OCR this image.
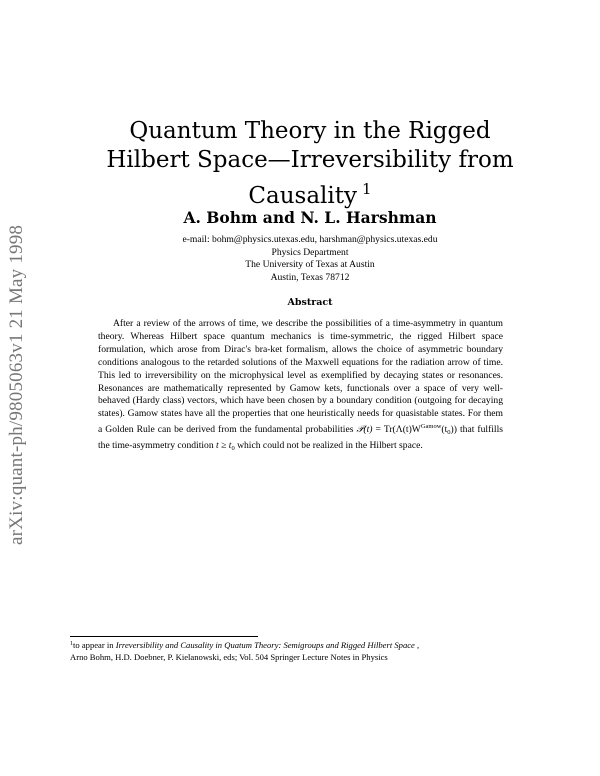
arXiv:quant-ph/9805063v1 21 May 1998
Quantum Theory in the Rigged
Hilbert Space—Irreversibility from
Causality $^1$
A. Bohm and N. L. Harshman
e-mail: bohm@physics.utexas.edu, harshman@physics.utexas.edu
Physics Department
The University of Texas at Austin
Austin, Texas 78712
Abstract
After a review of the arrows of time, we describe the possibilities of a time-asymmetry in quantum theory. Whereas Hilbert space quantum mechanics is time-symmetric, the rigged Hilbert space formulation, which arose from Dirac's bra-ket formalism, allows the choice of asymmetric boundary conditions analogous to the retarded solutions of the Maxwell equations for the radiation arrow of time. This led to irreversibility on the microphysical level as exemplified by decaying states or resonances. Resonances are mathematically represented by Gamow kets, functionals over a space of very well-behaved (Hardy class) vectors, which have been chosen by a boundary condition (outgoing for decaying states). Gamow states have all the properties that one heuristically needs for quasistable states. For them a Golden Rule can be derived from the fundamental probabilities 𝒫(t) = $Tr(\Lambda(t)W^{Gamow}(t_0))$ that fulfills the time-asymmetry condition $t \ge t_0$ which could not be realized in the Hilbert space.
$^1$to appear in Irreversibility and Causality in Quatum Theory: Semigroups and Rigged Hilbert Space ,
Arno Bohm, H.D. Doebner, P. Kielanowski, eds; Vol. 504 Springer Lecture Notes in Physics
